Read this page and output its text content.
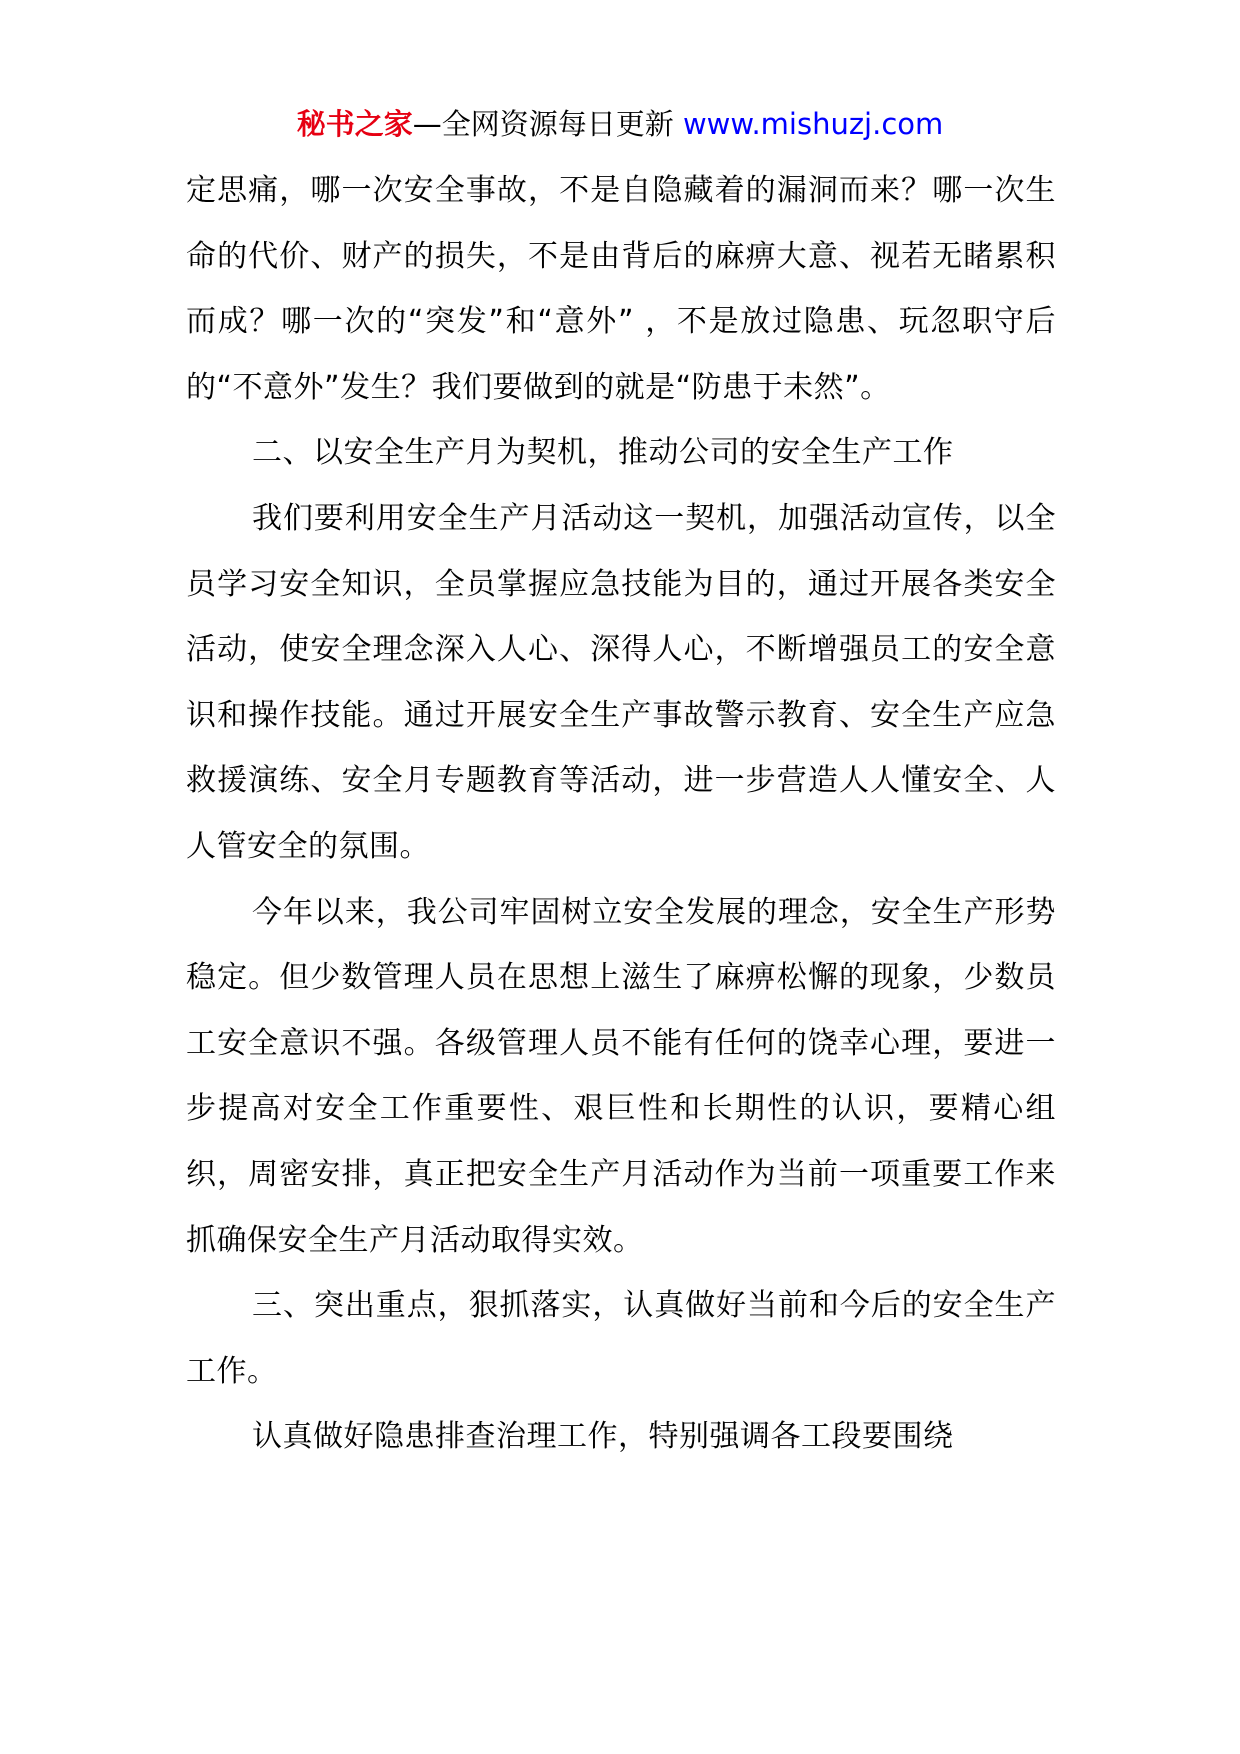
秘书之家—全网资源每日更新 www.mishuzj.com

定思痛，哪一次安全事故，不是自隐藏着的漏洞而来？哪一次生命的代价、财产的损失，不是由背后的麻痹大意、视若无睹累积而成？哪一次的“突发”和“意外” ，不是放过隐患、玩忽职守后的“不意外”发生？我们要做到的就是“防患于未然”。

二、以安全生产月为契机，推动公司的安全生产工作

我们要利用安全生产月活动这一契机，加强活动宣传，以全员学习安全知识，全员掌握应急技能为目的，通过开展各类安全活动，使安全理念深入人心、深得人心，不断增强员工的安全意识和操作技能。通过开展安全生产事故警示教育、安全生产应急救援演练、安全月专题教育等活动，进一步营造人人懂安全、人人管安全的氛围。

今年以来，我公司牢固树立安全发展的理念，安全生产形势稳定。但少数管理人员在思想上滋生了麻痹松懈的现象，少数员工安全意识不强。各级管理人员不能有任何的饶幸心理，要进一步提高对安全工作重要性、艰巨性和长期性的认识，要精心组织，周密安排，真正把安全生产月活动作为当前一项重要工作来抓确保安全生产月活动取得实效。

三、突出重点，狠抓落实，认真做好当前和今后的安全生产工作。

认真做好隐患排查治理工作，特别强调各工段要围绕
